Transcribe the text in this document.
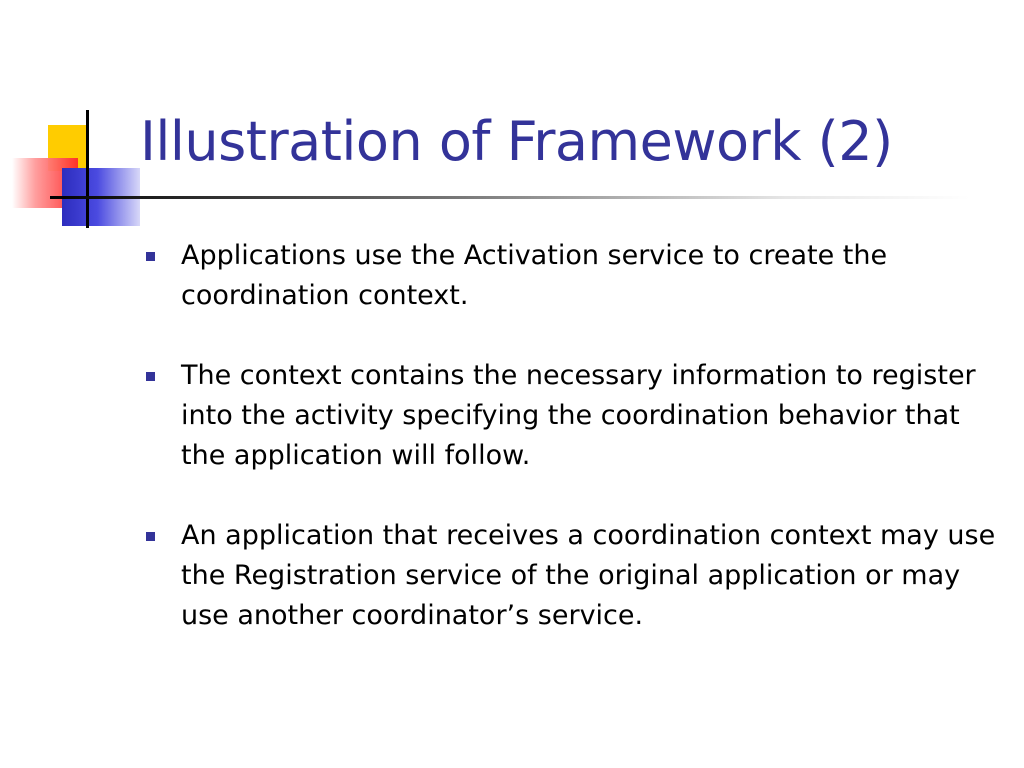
Illustration of Framework (2)
Applications use the Activation service to create the coordination context.
The context contains the necessary information to register into the activity specifying the coordination behavior that the application will follow.
An application that receives a coordination context may use the Registration service of the original application or may use another coordinator’s service.
